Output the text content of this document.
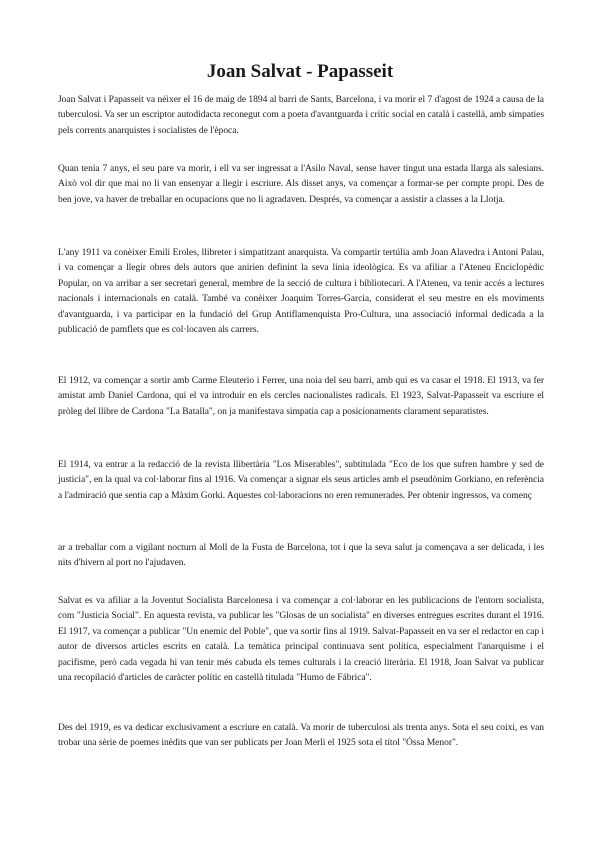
Joan Salvat - Papasseit

Joan Salvat i Papasseit va néixer el 16 de maig de 1894 al barri de Sants, Barcelona, i va morir el 7 d'agost de 1924 a causa de la tuberculosi. Va ser un escriptor autodidacta reconegut com a poeta d'avantguarda i crític social en català i castellà, amb simpaties pels corrents anarquistes i socialistes de l'època.

Quan tenia 7 anys, el seu pare va morir, i ell va ser ingressat a l'Asilo Naval, sense haver tingut una estada llarga als salesians. Això vol dir que mai no li van ensenyar a llegir i escriure. Als disset anys, va començar a formar-se per compte propi. Des de ben jove, va haver de treballar en ocupacions que no li agradaven. Després, va començar a assistir a classes a la Llotja.

L'any 1911 va conèixer Emili Eroles, llibreter i simpatitzant anarquista. Va compartir tertúlia amb Joan Alavedra i Antoni Palau, i va començar a llegir obres dels autors que anirien definint la seva línia ideològica. Es va afiliar a l'Ateneu Enciclopèdic Popular, on va arribar a ser secretari general, membre de la secció de cultura i bibliotecari. A l'Ateneu, va tenir accés a lectures nacionals i internacionals en català. També va conèixer Joaquim Torres-Garcia, considerat el seu mestre en els moviments d'avantguarda, i va participar en la fundació del Grup Antiflamenquista Pro-Cultura, una associació informal dedicada a la publicació de pamflets que es col·locaven als carrers.

El 1912, va començar a sortir amb Carme Eleuterio i Ferrer, una noia del seu barri, amb qui es va casar el 1918. El 1913, va fer amistat amb Daniel Cardona, qui el va introduir en els cercles nacionalistes radicals. El 1923, Salvat-Papasseit va escriure el pròleg del llibre de Cardona "La Batalla", on ja manifestava simpatia cap a posicionaments clarament separatistes.

El 1914, va entrar a la redacció de la revista llibertària "Los Miserables", subtitulada "Eco de los que sufren hambre y sed de justicia", en la qual va col·laborar fins al 1916. Va començar a signar els seus articles amb el pseudònim Gorkiano, en referència a l'admiració que sentia cap a Màxim Gorki. Aquestes col·laboracions no eren remunerades. Per obtenir ingressos, va començ

ar a treballar com a vigilant nocturn al Moll de la Fusta de Barcelona, tot i que la seva salut ja començava a ser delicada, i les nits d'hivern al port no l'ajudaven.

Salvat es va afiliar a la Joventut Socialista Barcelonesa i va començar a col·laborar en les publicacions de l'entorn socialista, com "Justicia Social". En aquesta revista, va publicar les "Glosas de un socialista" en diverses entregues escrites durant el 1916. El 1917, va començar a publicar "Un enemic del Poble", que va sortir fins al 1919. Salvat-Papasseit en va ser el redactor en cap i autor de diversos articles escrits en català. La temàtica principal continuava sent política, especialment l'anarquisme i el pacifisme, però cada vegada hi van tenir més cabuda els temes culturals i la creació literària. El 1918, Joan Salvat va publicar una recopilació d'articles de caràcter polític en castellà titulada "Humo de Fábrica".

Des del 1919, es va dedicar exclusivament a escriure en català. Va morir de tuberculosi als trenta anys. Sota el seu coixí, es van trobar una sèrie de poemes inèdits que van ser publicats per Joan Merli el 1925 sota el títol "Óssa Menor".
